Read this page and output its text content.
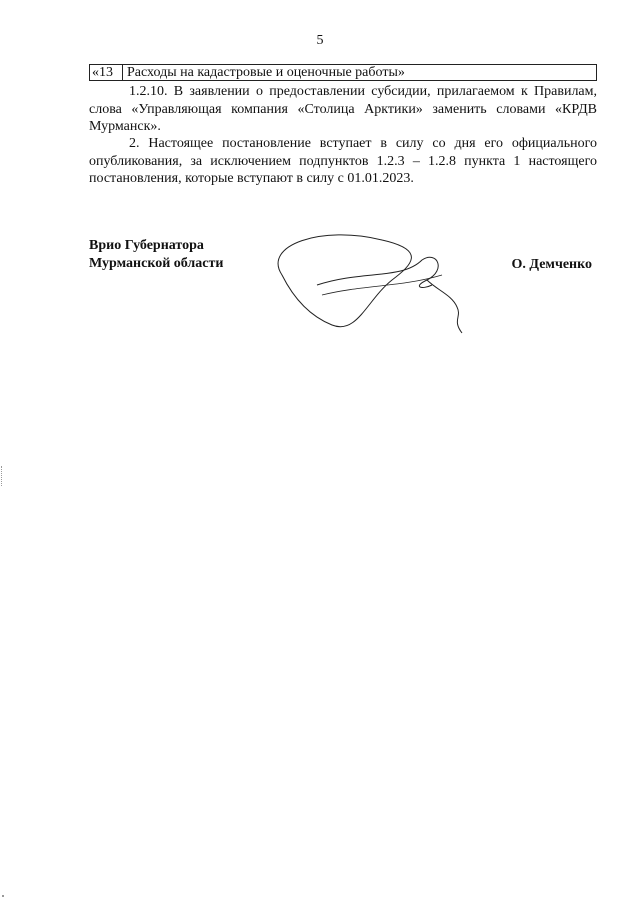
5
«13	Расходы на кадастровые и оценочные работы»
1.2.10. В заявлении о предоставлении субсидии, прилагаемом к Правилам, слова «Управляющая компания «Столица Арктики» заменить словами «КРДВ Мурманск».
2. Настоящее постановление вступает в силу со дня его официального опубликования, за исключением подпунктов 1.2.3 – 1.2.8 пункта 1 настоящего постановления, которые вступают в силу с 01.01.2023.
Врио Губернатора
Мурманской области	О. Демченко
